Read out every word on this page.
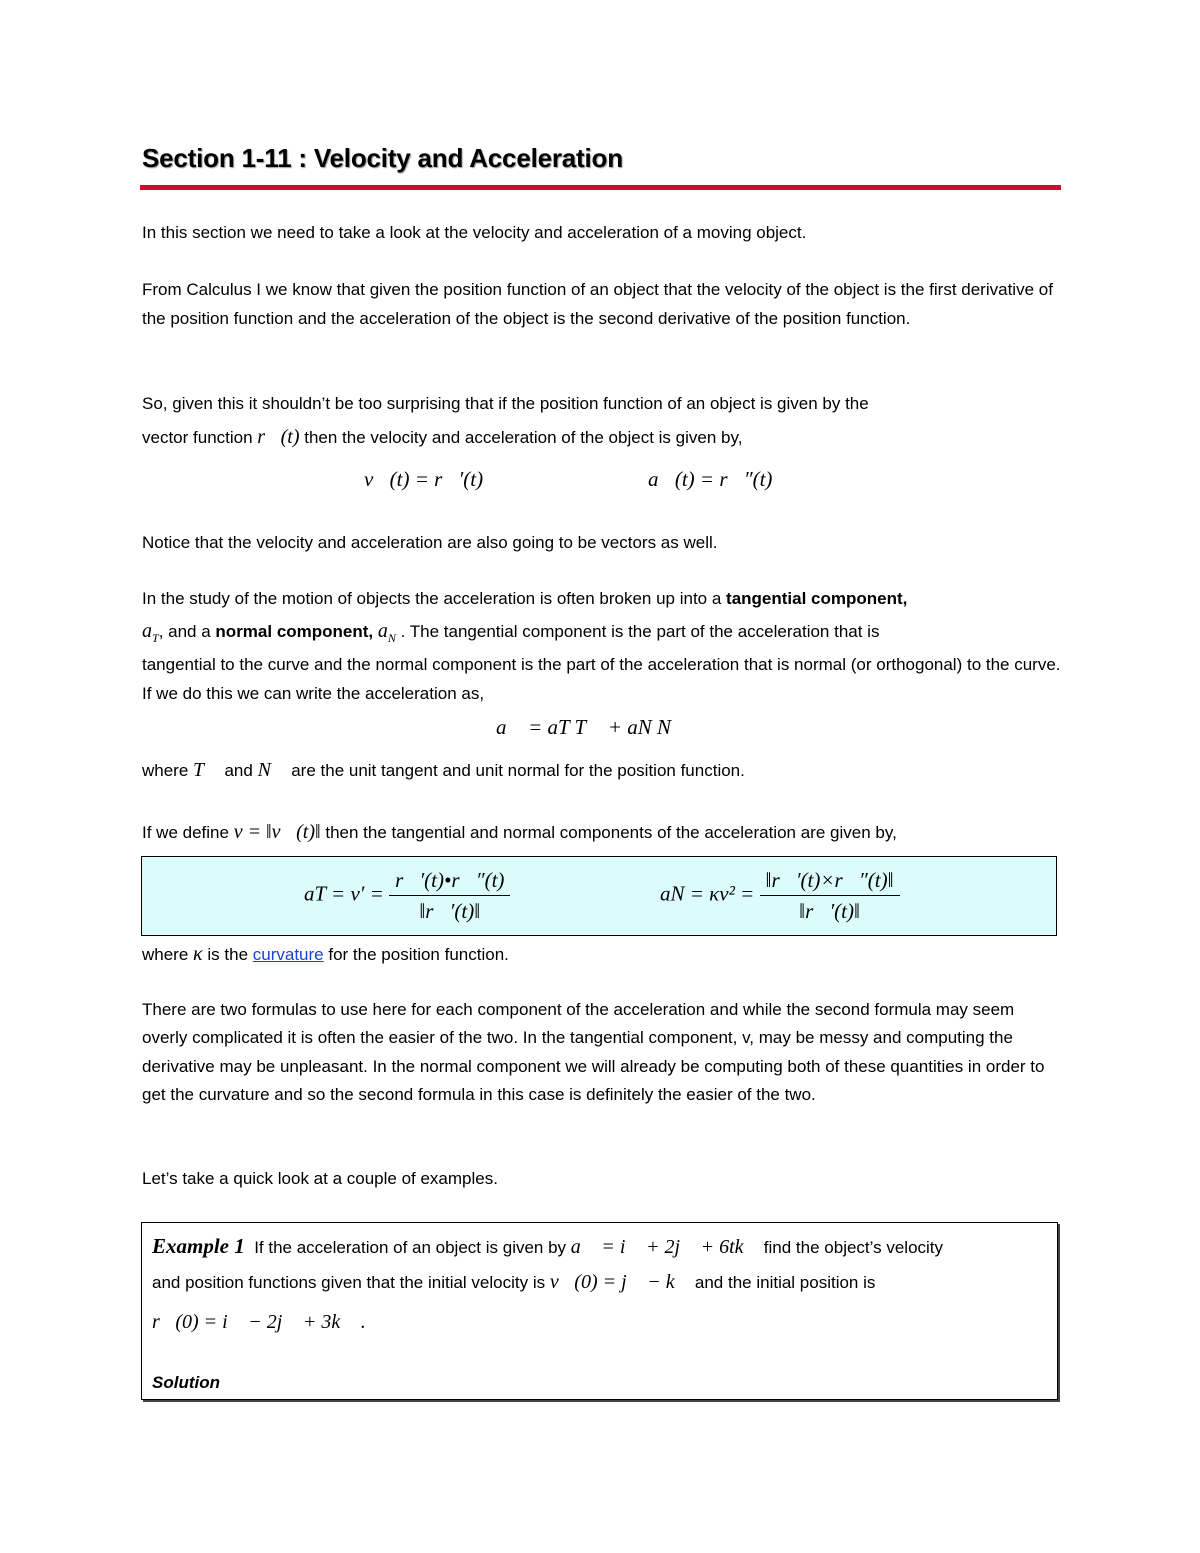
Section 1-11 : Velocity and Acceleration
In this section we need to take a look at the velocity and acceleration of a moving object.
From Calculus I we know that given the position function of an object that the velocity of the object is the first derivative of the position function and the acceleration of the object is the second derivative of the position function.
So, given this it shouldn’t be too surprising that if the position function of an object is given by the
vector function r⃗(t) then the velocity and acceleration of the object is given by,
v⃗(t) = r⃗′(t)	a⃗(t) = r⃗″(t)
Notice that the velocity and acceleration are also going to be vectors as well.
In the study of the motion of objects the acceleration is often broken up into a tangential component,
$a_T$, and a normal component, $a_N$ . The tangential component is the part of the acceleration that is
tangential to the curve and the normal component is the part of the acceleration that is normal (or orthogonal) to the curve. If we do this we can write the acceleration as,
a⃗ = aT T⃗ + aN N⃗
where T⃗ and N⃗ are the unit tangent and unit normal for the position function.
If we define v = ‖v⃗(t)‖ then the tangential and normal components of the acceleration are given by,
aT = $v' = \frac{r⃗'(t)•r⃗''(t)}{‖r⃗'(t)‖}$	aN = $\kappa v^2 = \frac{‖r⃗'(t)\times r⃗''(t)‖}{‖r⃗'(t)‖}$
where κ is the curvature for the position function.
There are two formulas to use here for each component of the acceleration and while the second formula may seem overly complicated it is often the easier of the two. In the tangential component, v, may be messy and computing the derivative may be unpleasant. In the normal component we will already be computing both of these quantities in order to get the curvature and so the second formula in this case is definitely the easier of the two.
Let’s take a quick look at a couple of examples.
Example 1 If the acceleration of an object is given by a⃗ = i⃗ + 2j⃗ + 6tk⃗ find the object’s velocity
and position functions given that the initial velocity is v⃗(0) = j⃗ − k⃗ and the initial position is
r⃗(0) = i⃗ − 2j⃗ + 3k⃗ .
Solution
